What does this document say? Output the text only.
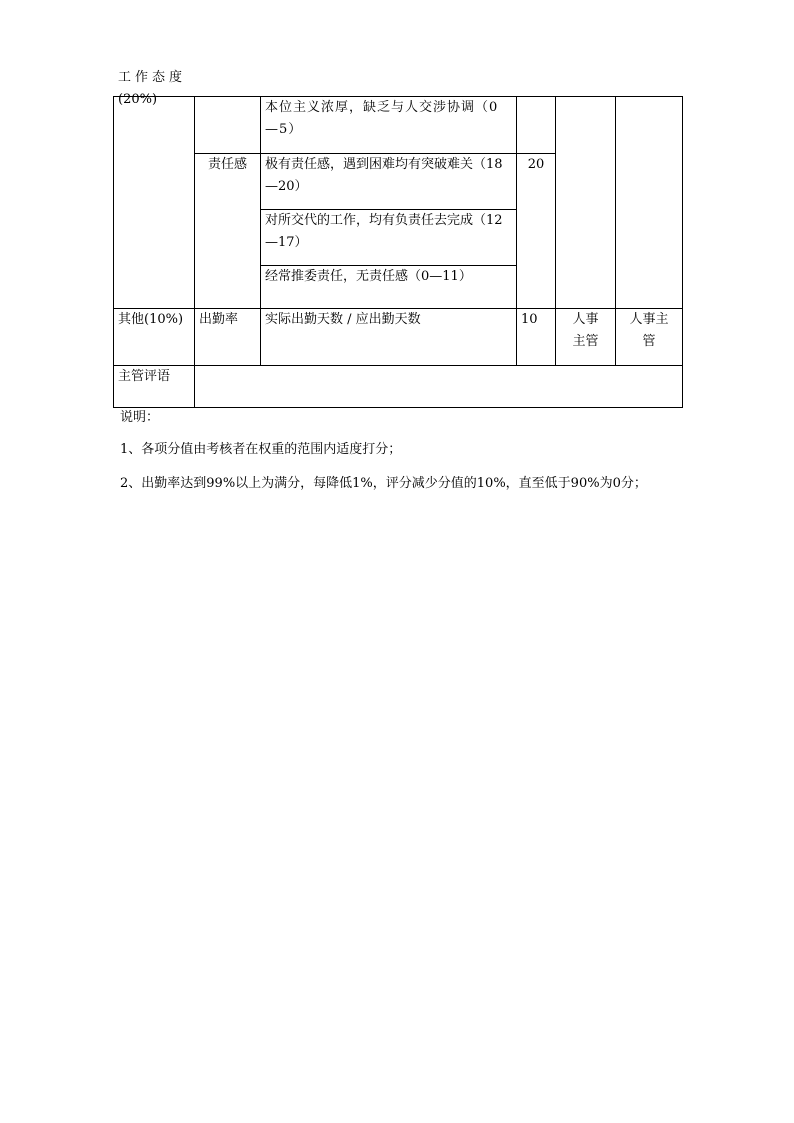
工作态度
(20%)		本位主义浓厚，缺乏与人交涉协调（0—5）			
	责任感	极有责任感，遇到困难均有突破难关（18—20）	20		
		对所交代的工作，均有负责任去完成（12—17）			
		经常推委责任，无责任感（0—11）			
其他(10%)	出勤率	实际出勤天数 / 应出勤天数	10	人事主管	人事主管
主管评语					

说明：

1、各项分值由考核者在权重的范围内适度打分；

2、出勤率达到99%以上为满分，每降低1%，评分减少分值的10%，直至低于90%为0分；
